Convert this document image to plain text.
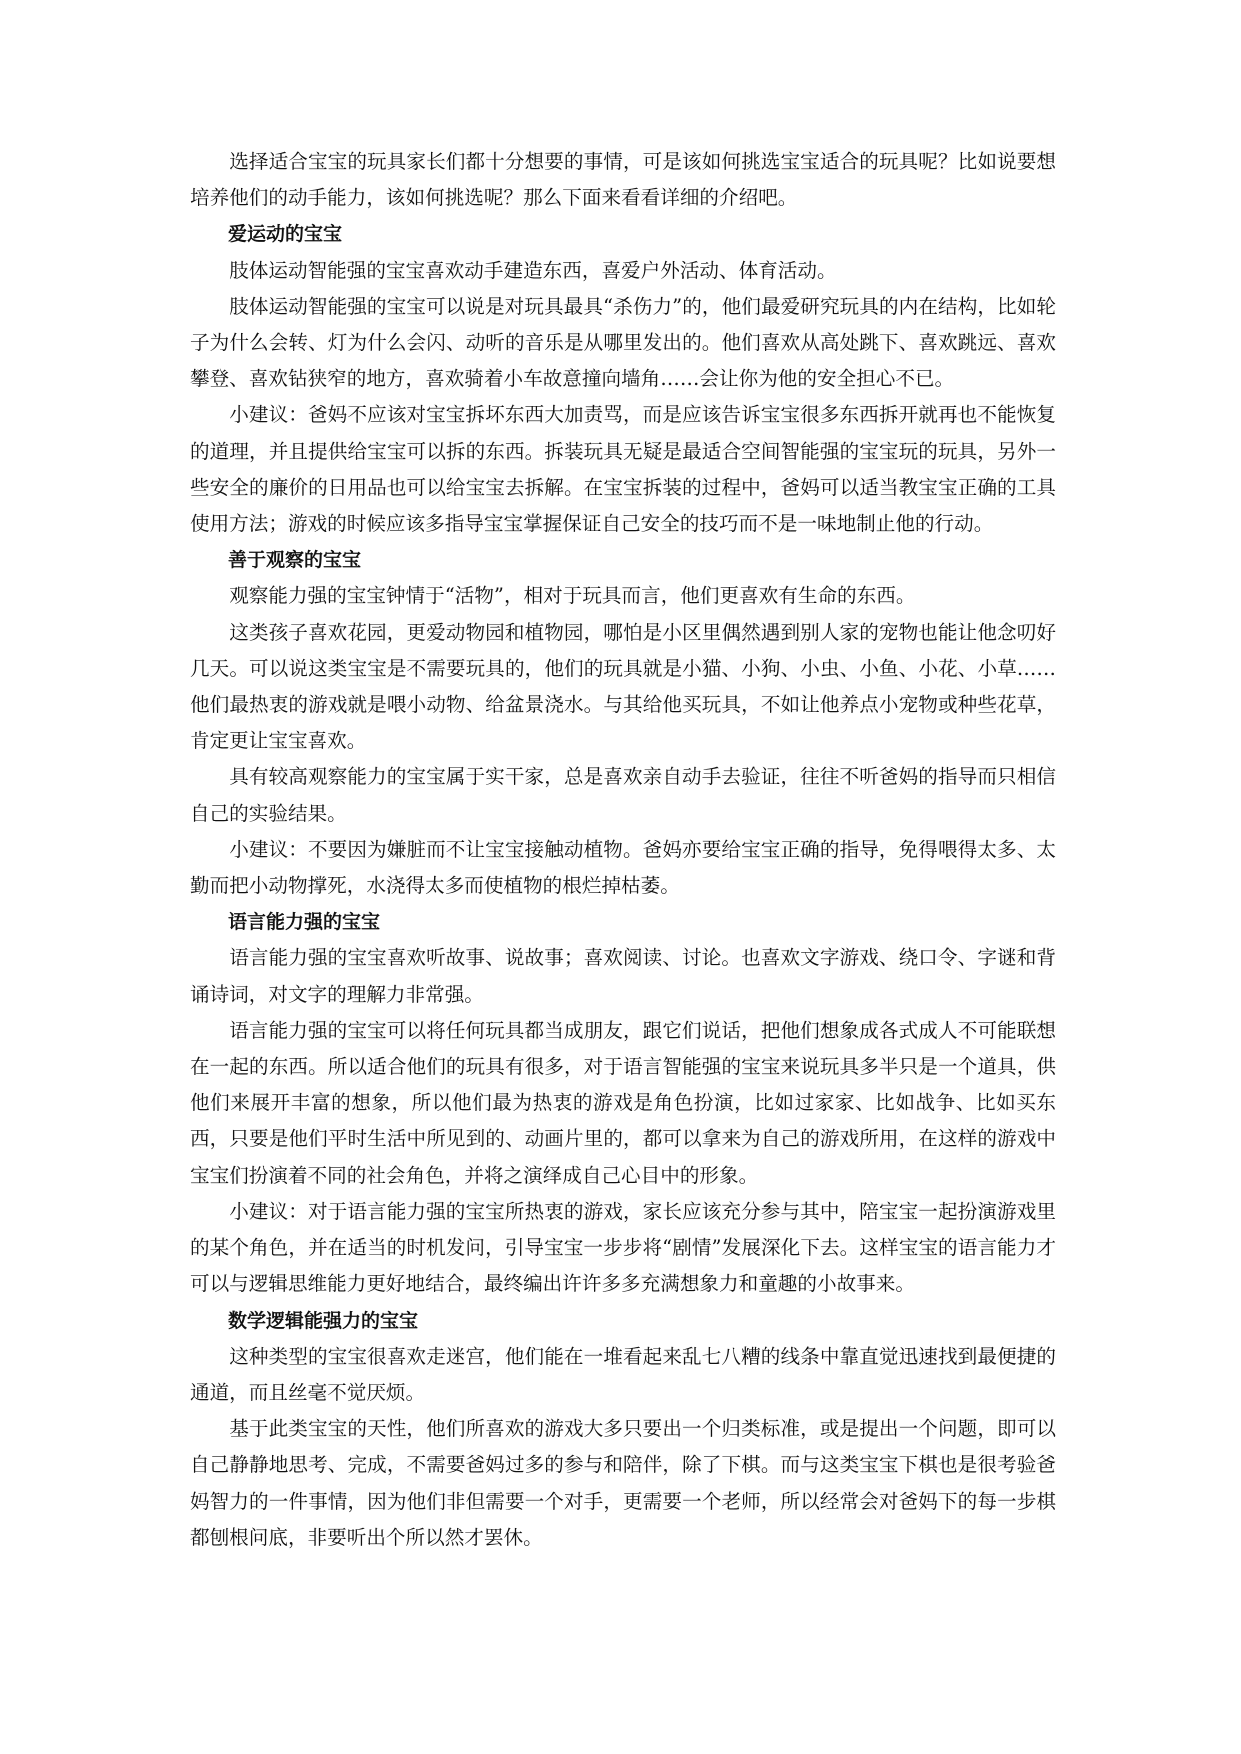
选择适合宝宝的玩具家长们都十分想要的事情，可是该如何挑选宝宝适合的玩具呢？比如说要想培养他们的动手能力，该如何挑选呢？那么下面来看看详细的介绍吧。

爱运动的宝宝

肢体运动智能强的宝宝喜欢动手建造东西，喜爱户外活动、体育活动。

肢体运动智能强的宝宝可以说是对玩具最具“杀伤力”的，他们最爱研究玩具的内在结构，比如轮子为什么会转、灯为什么会闪、动听的音乐是从哪里发出的。他们喜欢从高处跳下、喜欢跳远、喜欢攀登、喜欢钻狭窄的地方，喜欢骑着小车故意撞向墙角……会让你为他的安全担心不已。

小建议：爸妈不应该对宝宝拆坏东西大加责骂，而是应该告诉宝宝很多东西拆开就再也不能恢复的道理，并且提供给宝宝可以拆的东西。拆装玩具无疑是最适合空间智能强的宝宝玩的玩具，另外一些安全的廉价的日用品也可以给宝宝去拆解。在宝宝拆装的过程中，爸妈可以适当教宝宝正确的工具使用方法；游戏的时候应该多指导宝宝掌握保证自己安全的技巧而不是一味地制止他的行动。

善于观察的宝宝

观察能力强的宝宝钟情于“活物”，相对于玩具而言，他们更喜欢有生命的东西。

这类孩子喜欢花园，更爱动物园和植物园，哪怕是小区里偶然遇到别人家的宠物也能让他念叨好几天。可以说这类宝宝是不需要玩具的，他们的玩具就是小猫、小狗、小虫、小鱼、小花、小草……他们最热衷的游戏就是喂小动物、给盆景浇水。与其给他买玩具，不如让他养点小宠物或种些花草，肯定更让宝宝喜欢。

具有较高观察能力的宝宝属于实干家，总是喜欢亲自动手去验证，往往不听爸妈的指导而只相信自己的实验结果。

小建议：不要因为嫌脏而不让宝宝接触动植物。爸妈亦要给宝宝正确的指导，免得喂得太多、太勤而把小动物撑死，水浇得太多而使植物的根烂掉枯萎。

语言能力强的宝宝

语言能力强的宝宝喜欢听故事、说故事；喜欢阅读、讨论。也喜欢文字游戏、绕口令、字谜和背诵诗词，对文字的理解力非常强。

语言能力强的宝宝可以将任何玩具都当成朋友，跟它们说话，把他们想象成各式成人不可能联想在一起的东西。所以适合他们的玩具有很多，对于语言智能强的宝宝来说玩具多半只是一个道具，供他们来展开丰富的想象，所以他们最为热衷的游戏是角色扮演，比如过家家、比如战争、比如买东西，只要是他们平时生活中所见到的、动画片里的，都可以拿来为自己的游戏所用，在这样的游戏中宝宝们扮演着不同的社会角色，并将之演绎成自己心目中的形象。

小建议：对于语言能力强的宝宝所热衷的游戏，家长应该充分参与其中，陪宝宝一起扮演游戏里的某个角色，并在适当的时机发问，引导宝宝一步步将“剧情”发展深化下去。这样宝宝的语言能力才可以与逻辑思维能力更好地结合，最终编出许许多多充满想象力和童趣的小故事来。

数学逻辑能强力的宝宝

这种类型的宝宝很喜欢走迷宫，他们能在一堆看起来乱七八糟的线条中靠直觉迅速找到最便捷的通道，而且丝毫不觉厌烦。

基于此类宝宝的天性，他们所喜欢的游戏大多只要出一个归类标准，或是提出一个问题，即可以自己静静地思考、完成，不需要爸妈过多的参与和陪伴，除了下棋。而与这类宝宝下棋也是很考验爸妈智力的一件事情，因为他们非但需要一个对手，更需要一个老师，所以经常会对爸妈下的每一步棋都刨根问底，非要听出个所以然才罢休。
